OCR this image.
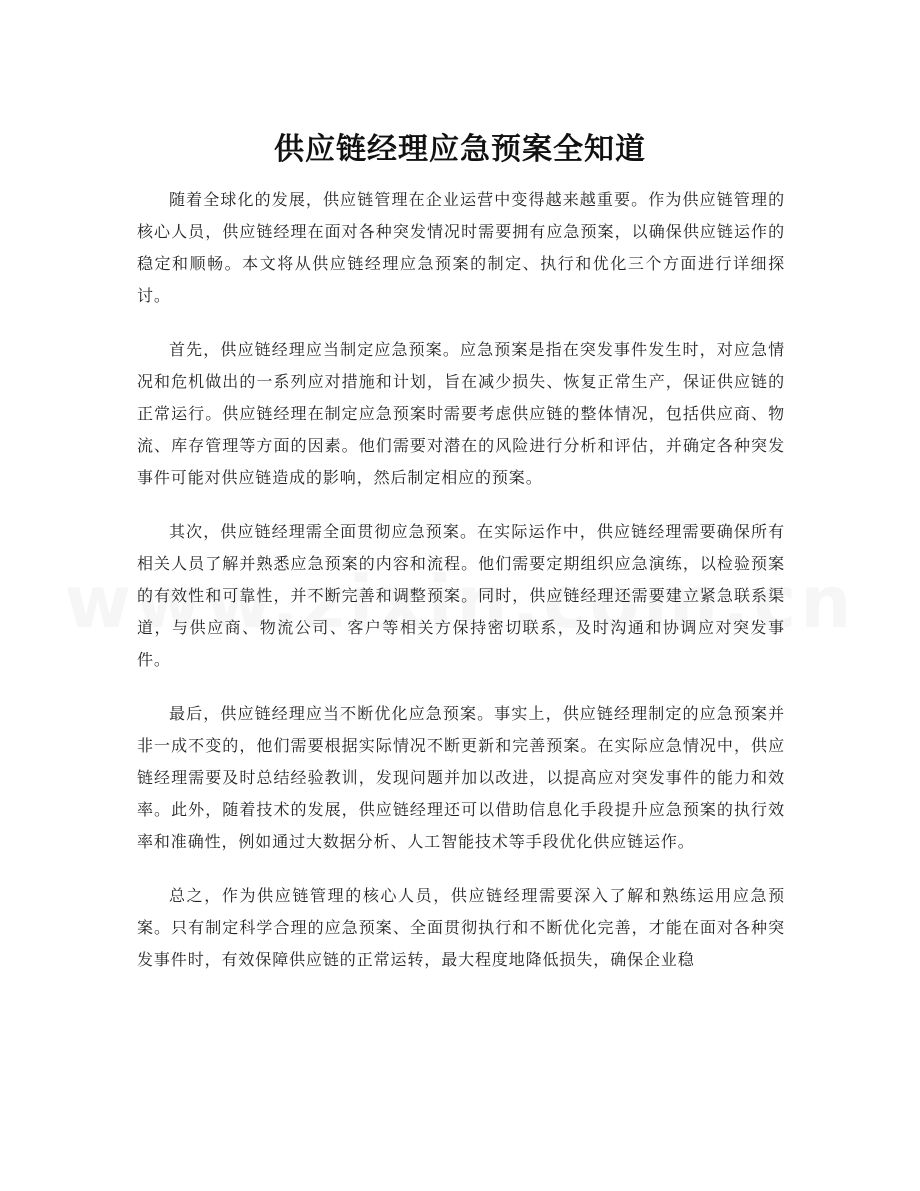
供应链经理应急预案全知道

随着全球化的发展，供应链管理在企业运营中变得越来越重要。作为供应链管理的核心人员，供应链经理在面对各种突发情况时需要拥有应急预案，以确保供应链运作的稳定和顺畅。本文将从供应链经理应急预案的制定、执行和优化三个方面进行详细探讨。

首先，供应链经理应当制定应急预案。应急预案是指在突发事件发生时，对应急情况和危机做出的一系列应对措施和计划，旨在减少损失、恢复正常生产，保证供应链的正常运行。供应链经理在制定应急预案时需要考虑供应链的整体情况，包括供应商、物流、库存管理等方面的因素。他们需要对潜在的风险进行分析和评估，并确定各种突发事件可能对供应链造成的影响，然后制定相应的预案。

其次，供应链经理需全面贯彻应急预案。在实际运作中，供应链经理需要确保所有相关人员了解并熟悉应急预案的内容和流程。他们需要定期组织应急演练，以检验预案的有效性和可靠性，并不断完善和调整预案。同时，供应链经理还需要建立紧急联系渠道，与供应商、物流公司、客户等相关方保持密切联系，及时沟通和协调应对突发事件。

最后，供应链经理应当不断优化应急预案。事实上，供应链经理制定的应急预案并非一成不变的，他们需要根据实际情况不断更新和完善预案。在实际应急情况中，供应链经理需要及时总结经验教训，发现问题并加以改进，以提高应对突发事件的能力和效率。此外，随着技术的发展，供应链经理还可以借助信息化手段提升应急预案的执行效率和准确性，例如通过大数据分析、人工智能技术等手段优化供应链运作。

总之，作为供应链管理的核心人员，供应链经理需要深入了解和熟练运用应急预案。只有制定科学合理的应急预案、全面贯彻执行和不断优化完善，才能在面对各种突发事件时，有效保障供应链的正常运转，最大程度地降低损失，确保企业稳
